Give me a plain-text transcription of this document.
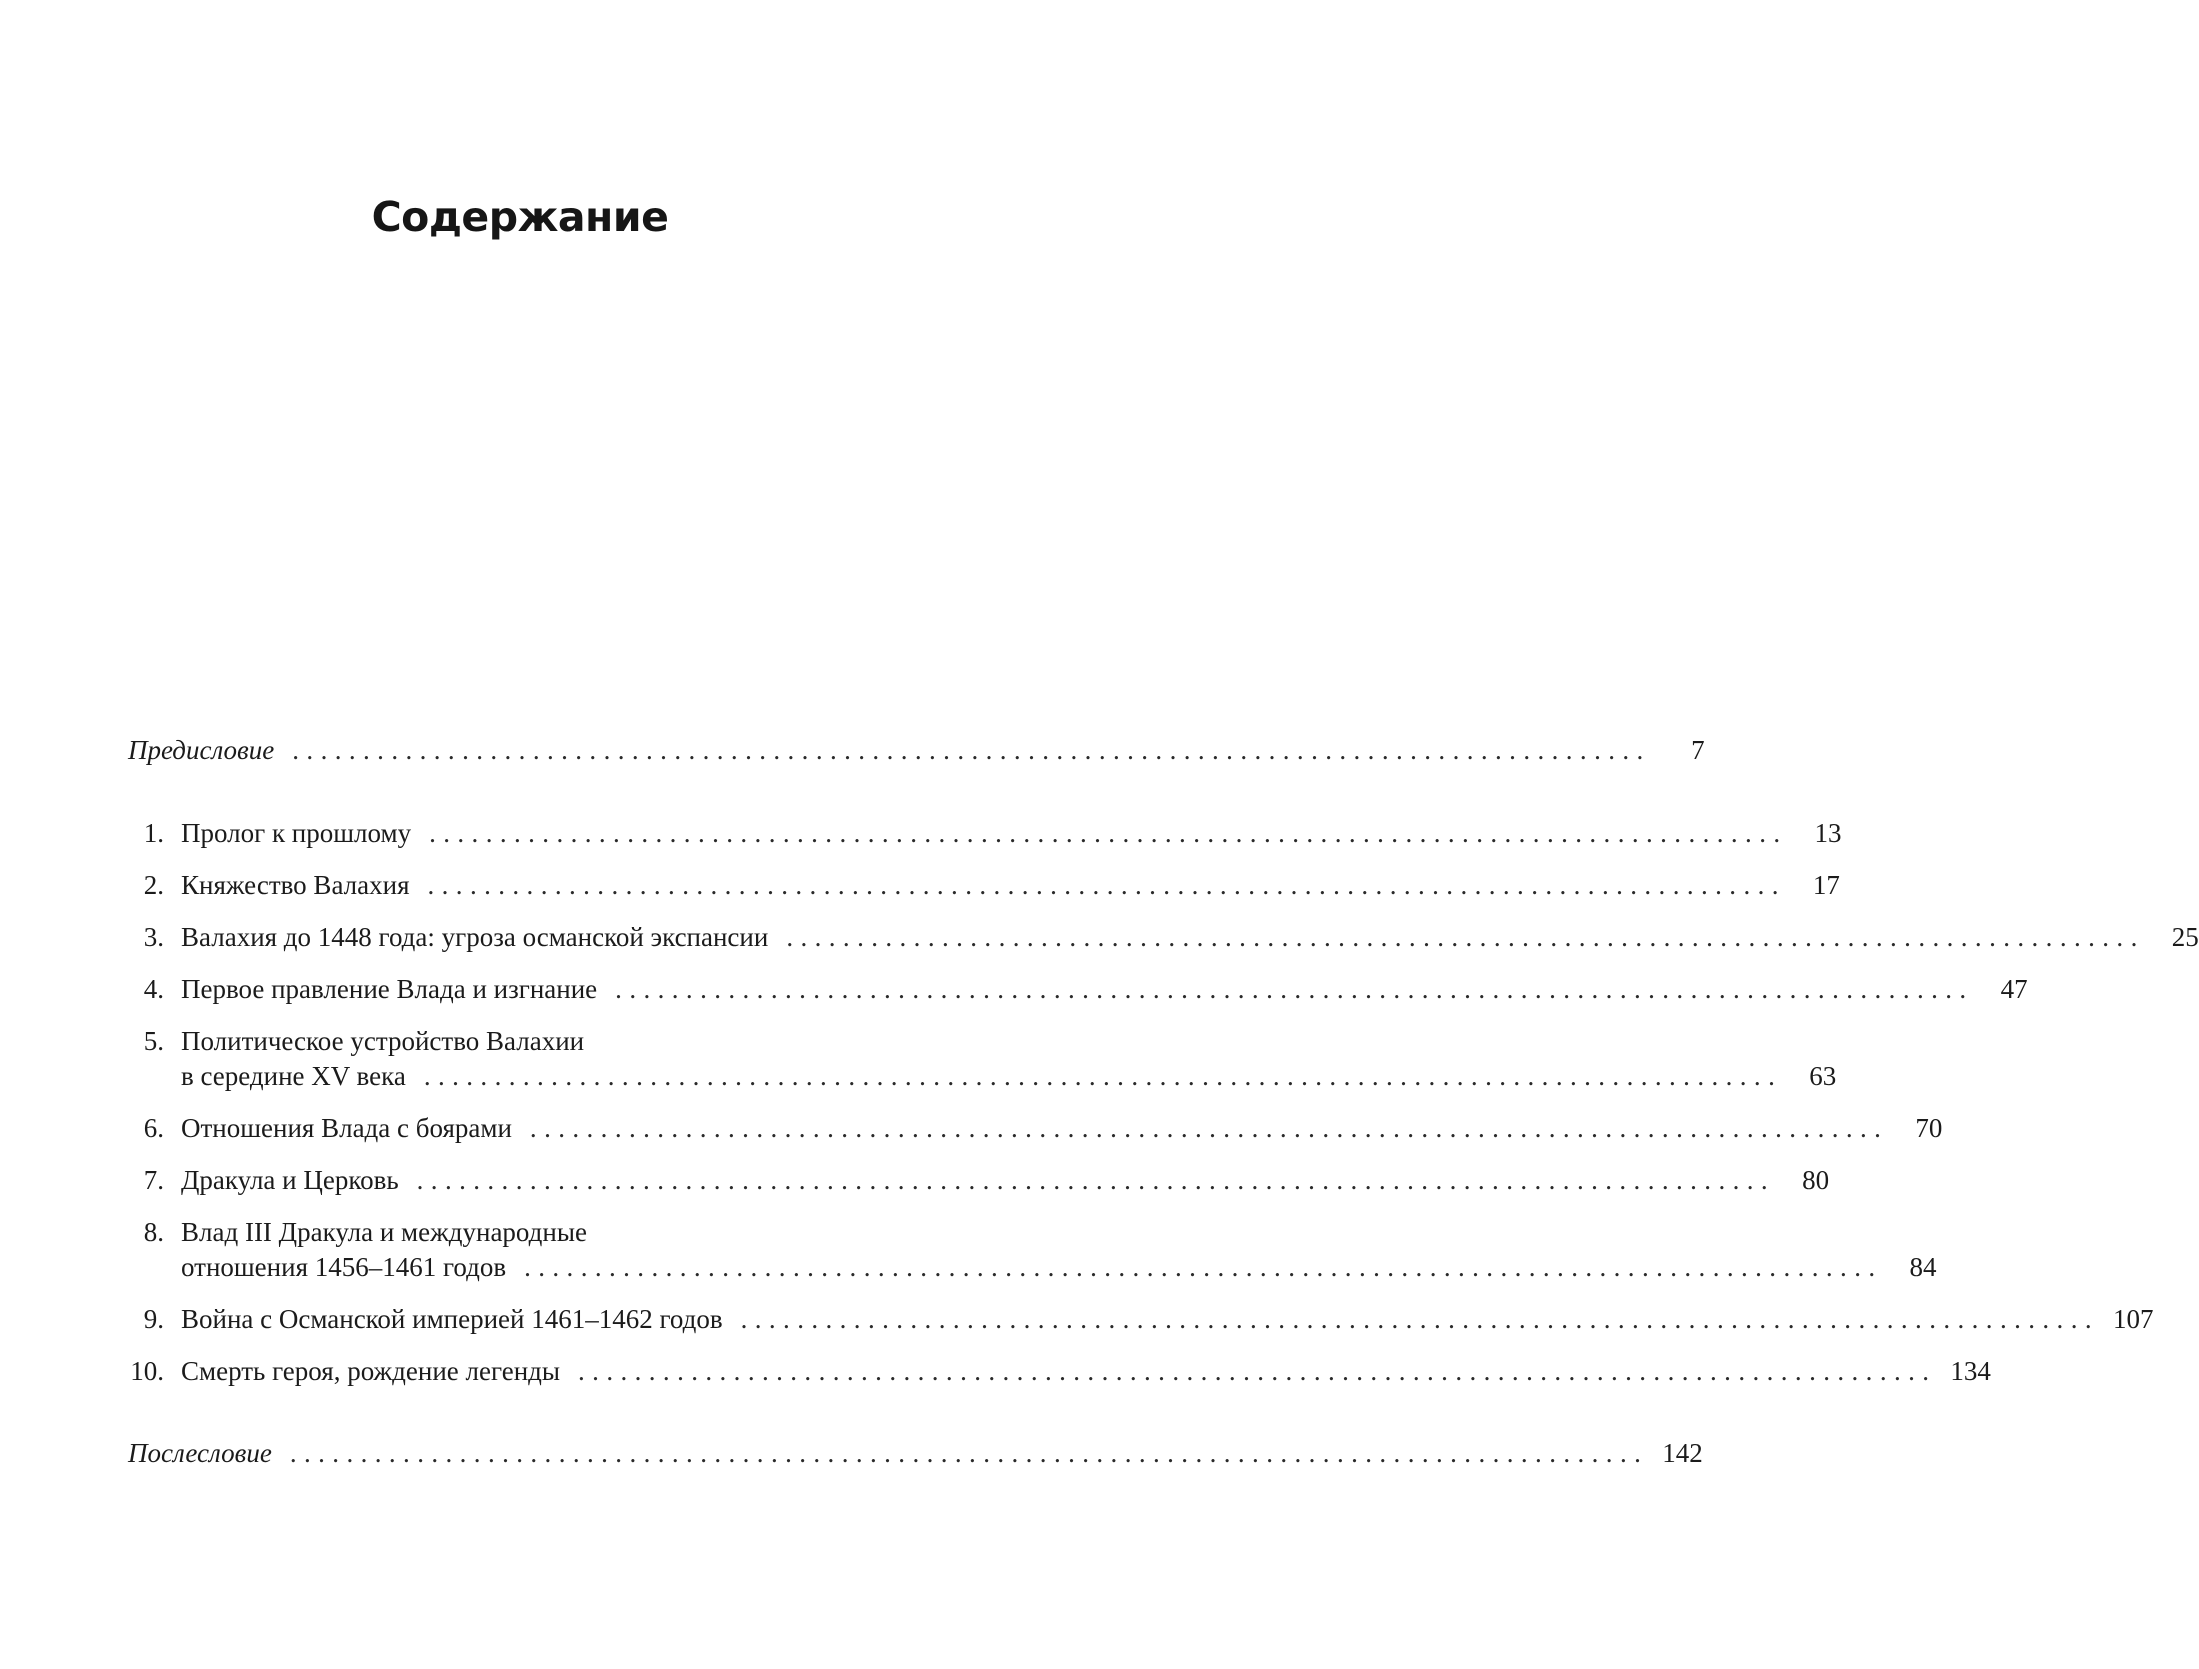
Содержание
Предисловие ................................................................................................	7
1. Пролог к прошлому ................................................................................................	13
2. Княжество Валахия ................................................................................................	17
3. Валахия до 1448 года: угроза османской экспансии ................................................................................................	25
4. Первое правление Влада и изгнание ................................................................................................	47
5. Политическое устройство Валахии
в середине XV века ................................................................................................	63
6. Отношения Влада с боярами ................................................................................................	70
7. Дракула и Церковь ................................................................................................	80
8. Влад III Дракула и международные
отношения 1456–1461 годов ................................................................................................	84
9. Война с Османской империей 1461–1462 годов ................................................................................................ 107
10. Смерть героя, рождение легенды ................................................................................................ 134
Послесловие ................................................................................................ 142
